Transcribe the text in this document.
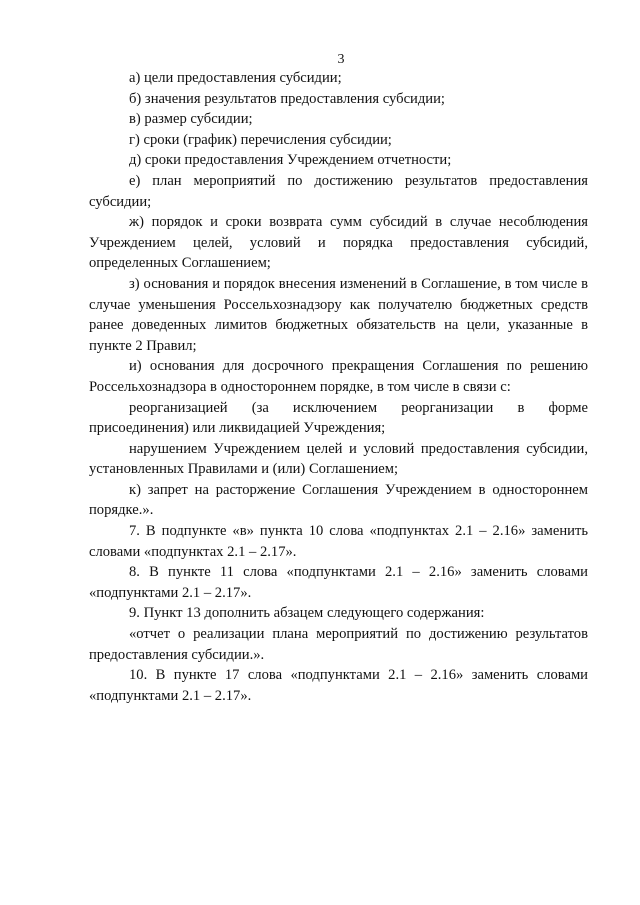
3

а) цели предоставления субсидии;

б) значения результатов предоставления субсидии;

в) размер субсидии;

г) сроки (график) перечисления субсидии;

д) сроки предоставления Учреждением отчетности;

е) план мероприятий по достижению результатов предоставления субсидии;

ж) порядок и сроки возврата сумм субсидий в случае несоблюдения Учреждением целей, условий и порядка предоставления субсидий, определенных Соглашением;

з) основания и порядок внесения изменений в Соглашение, в том числе в случае уменьшения Россельхознадзору как получателю бюджетных средств ранее доведенных лимитов бюджетных обязательств на цели, указанные в пункте 2 Правил;

и) основания для досрочного прекращения Соглашения по решению Россельхознадзора в одностороннем порядке, в том числе в связи с:

реорганизацией (за исключением реорганизации в форме присоединения) или ликвидацией Учреждения;

нарушением Учреждением целей и условий предоставления субсидии, установленных Правилами и (или) Соглашением;

к) запрет на расторжение Соглашения Учреждением в одностороннем порядке.».

7. В подпункте «в» пункта 10 слова «подпунктах 2.1 – 2.16» заменить словами «подпунктах 2.1 – 2.17».

8. В пункте 11 слова «подпунктами 2.1 – 2.16» заменить словами «подпунктами 2.1 – 2.17».

9. Пункт 13 дополнить абзацем следующего содержания:

«отчет о реализации плана мероприятий по достижению результатов предоставления субсидии.».

10. В пункте 17 слова «подпунктами 2.1 – 2.16» заменить словами «подпунктами 2.1 – 2.17».
